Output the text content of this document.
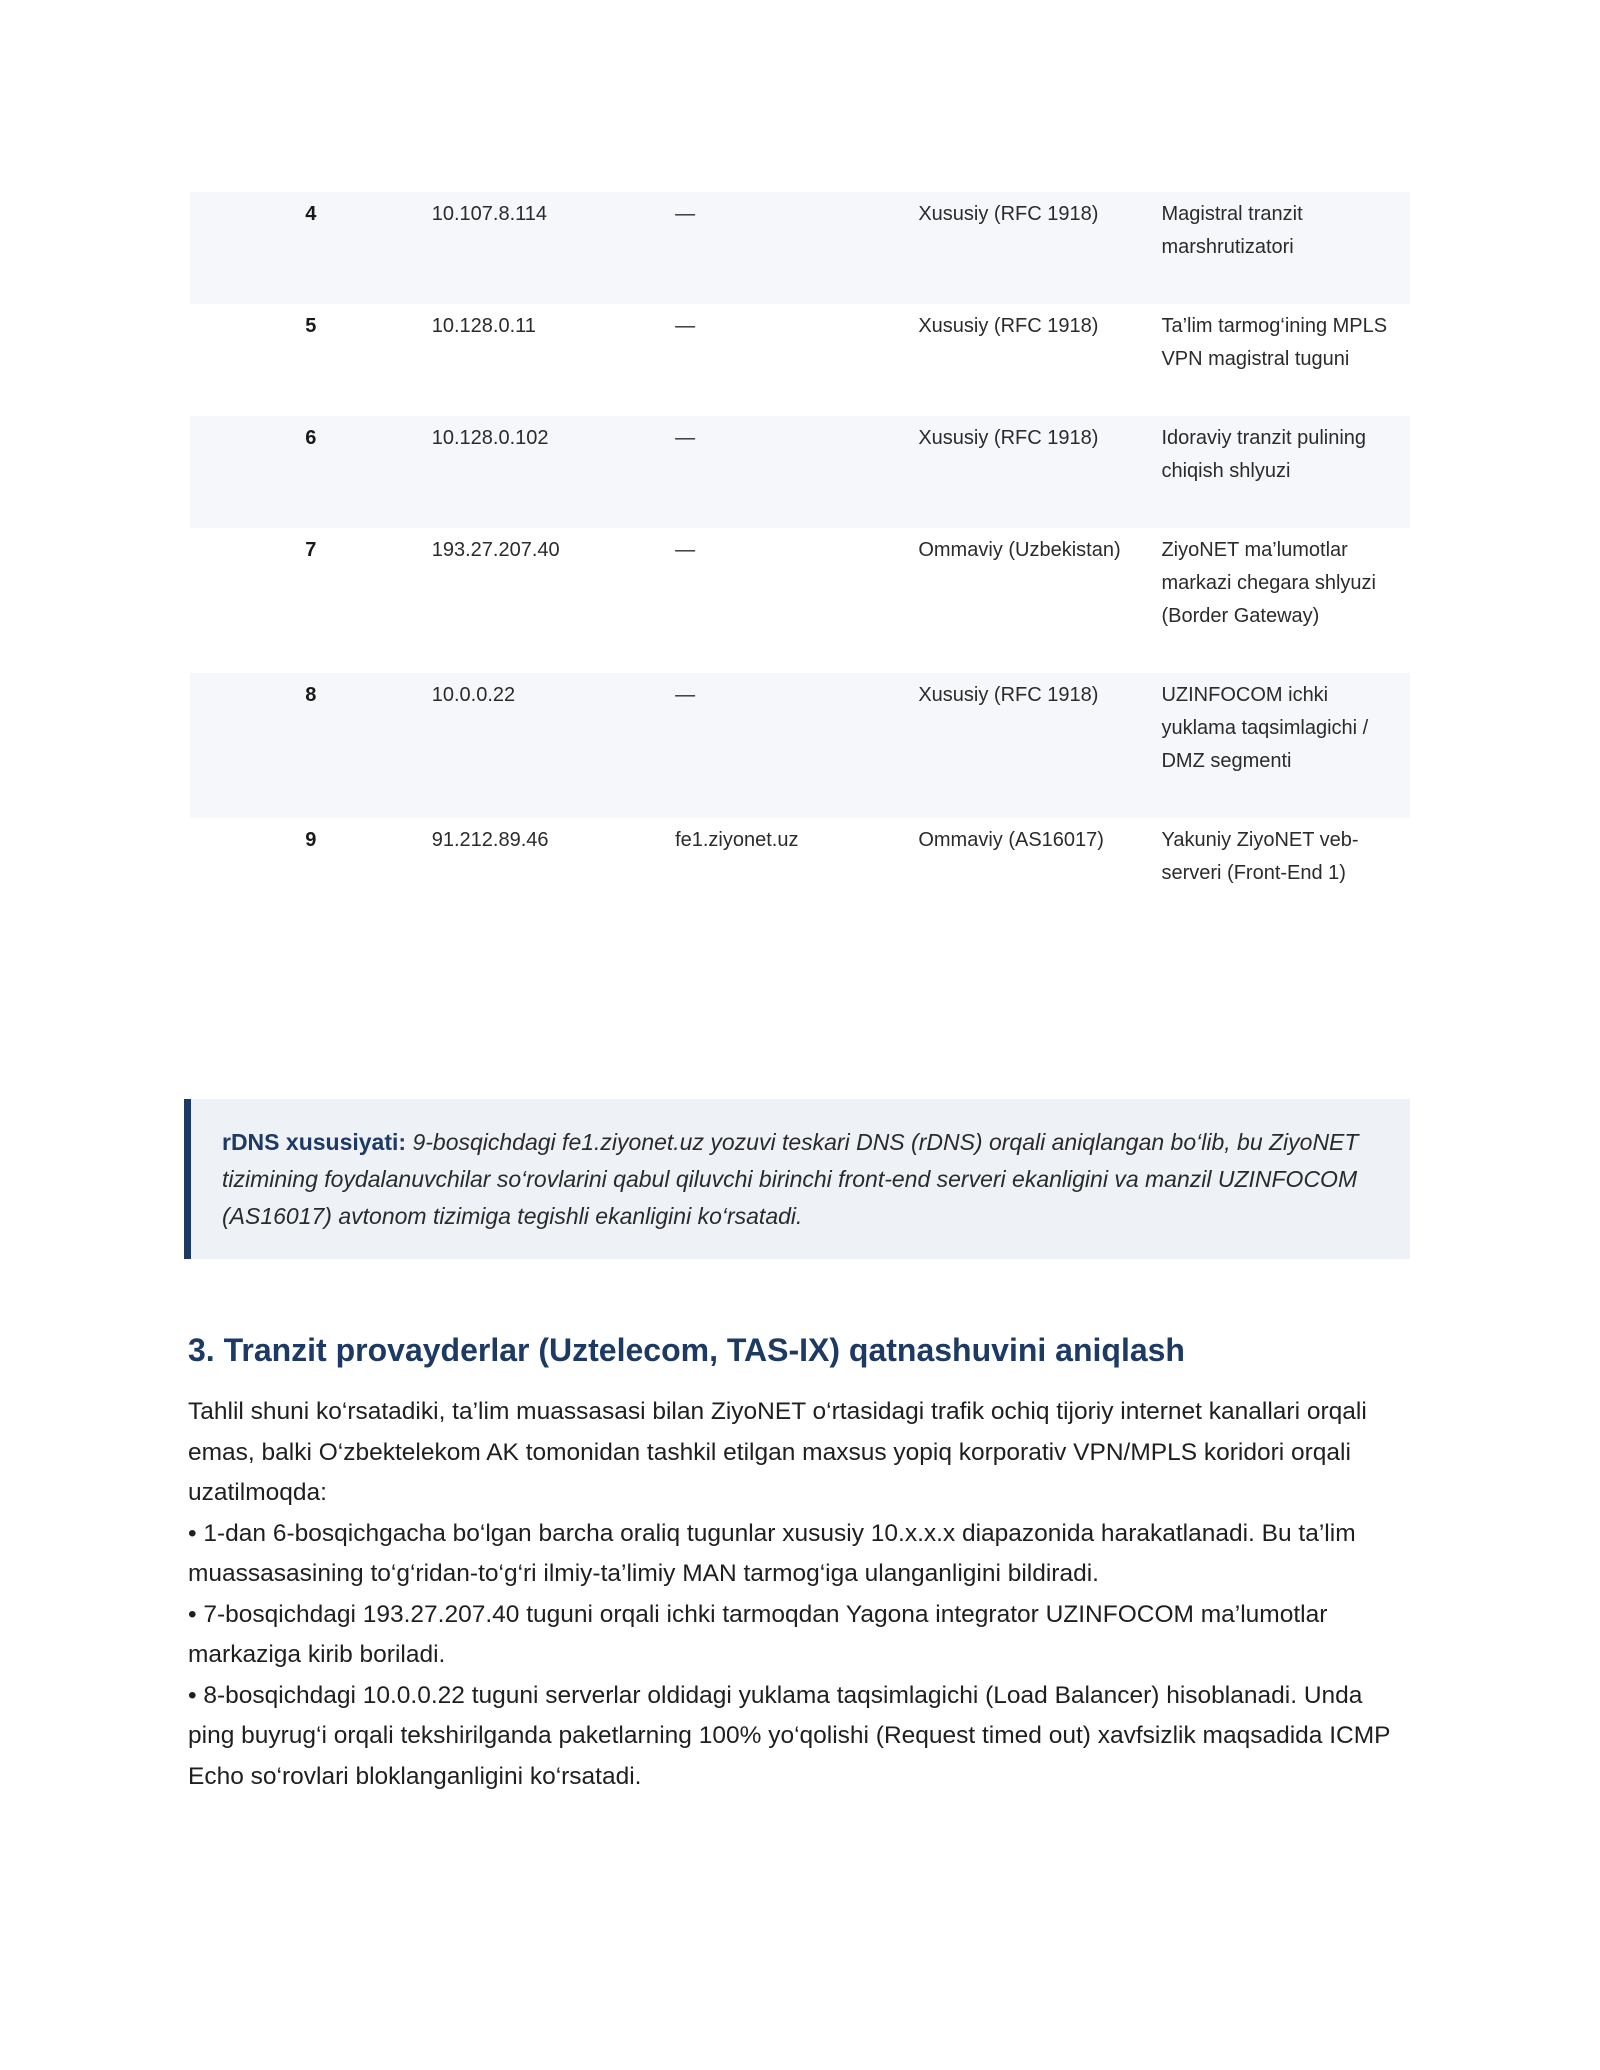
4	10.107.8.114	—	Xususiy (RFC 1918)	Magistral tranzit marshrutizatori
5	10.128.0.11	—	Xususiy (RFC 1918)	Ta’lim tarmog‘ining MPLS VPN magistral tuguni
6	10.128.0.102	—	Xususiy (RFC 1918)	Idoraviy tranzit pulining chiqish shlyuzi
7	193.27.207.40	—	Ommaviy (Uzbekistan)	ZiyoNET ma’lumotlar markazi chegara shlyuzi (Border Gateway)
8	10.0.0.22	—	Xususiy (RFC 1918)	UZINFOCOM ichki yuklama taqsimlagichi / DMZ segmenti
9	91.212.89.46	fe1.ziyonet.uz	Ommaviy (AS16017)	Yakuniy ZiyoNET veb-serveri (Front-End 1)
rDNS xususiyati: 9-bosqichdagi fe1.ziyonet.uz yozuvi teskari DNS (rDNS) orqali aniqlangan bo‘lib, bu ZiyoNET tizimining foydalanuvchilar so‘rovlarini qabul qiluvchi birinchi front-end serveri ekanligini va manzil UZINFOCOM (AS16017) avtonom tizimiga tegishli ekanligini ko‘rsatadi.
3. Tranzit provayderlar (Uztelecom, TAS-IX) qatnashuvini aniqlash

Tahlil shuni ko‘rsatadiki, ta’lim muassasasi bilan ZiyoNET o‘rtasidagi trafik ochiq tijoriy internet kanallari orqali emas, balki O‘zbektelekom AK tomonidan tashkil etilgan maxsus yopiq korporativ VPN/MPLS koridori orqali uzatilmoqda:

• 1-dan 6-bosqichgacha bo‘lgan barcha oraliq tugunlar xususiy 10.x.x.x diapazonida harakatlanadi. Bu ta’lim muassasasining to‘g‘ridan-to‘g‘ri ilmiy-ta’limiy MAN tarmog‘iga ulanganligini bildiradi.

• 7-bosqichdagi 193.27.207.40 tuguni orqali ichki tarmoqdan Yagona integrator UZINFOCOM ma’lumotlar markaziga kirib boriladi.

• 8-bosqichdagi 10.0.0.22 tuguni serverlar oldidagi yuklama taqsimlagichi (Load Balancer) hisoblanadi. Unda ping buyrug‘i orqali tekshirilganda paketlarning 100% yo‘qolishi (Request timed out) xavfsizlik maqsadida ICMP Echo so‘rovlari bloklanganligini ko‘rsatadi.
